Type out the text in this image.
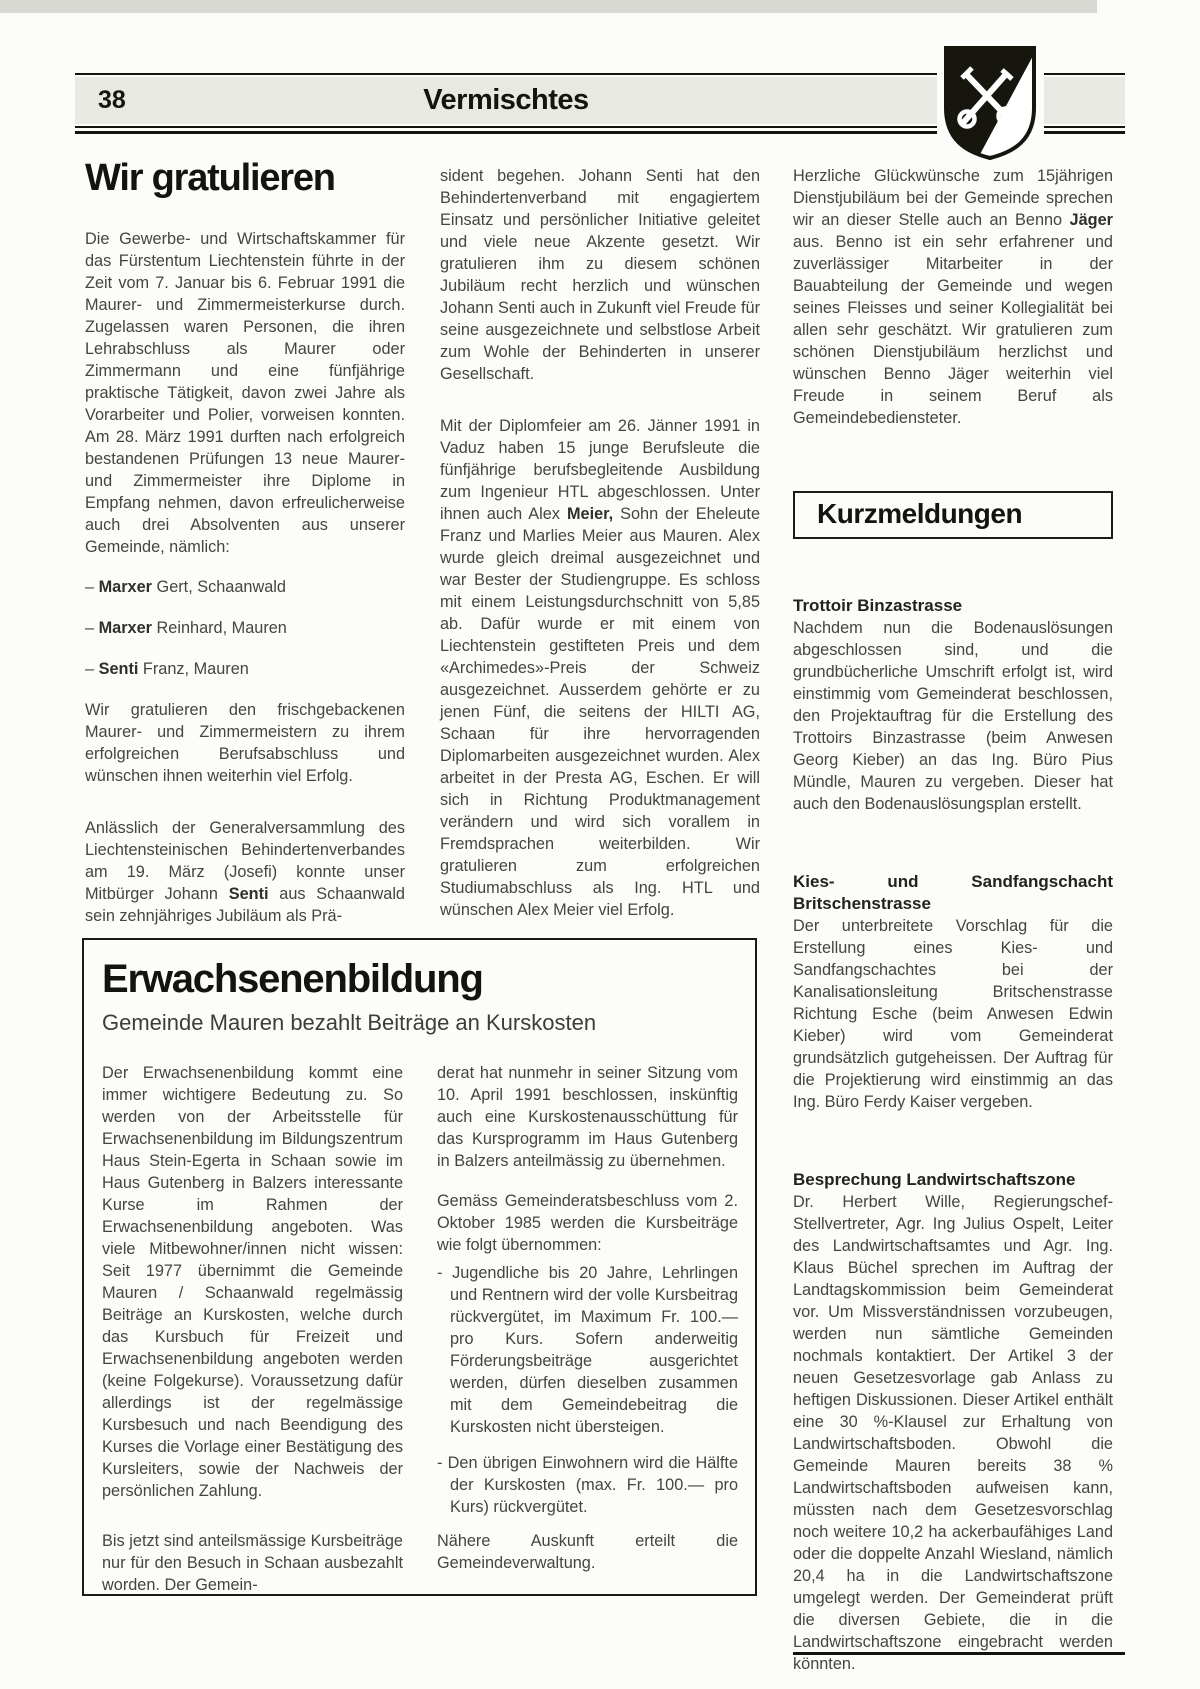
38	Vermischtes
Wir gratulieren

Die Gewerbe- und Wirtschaftskammer für das Fürstentum Liechtenstein führte in der Zeit vom 7. Januar bis 6. Februar 1991 die Maurer- und Zimmermeisterkurse durch. Zugelassen waren Personen, die ihren Lehrabschluss als Maurer oder Zimmermann und eine fünfjährige praktische Tätigkeit, davon zwei Jahre als Vorarbeiter und Polier, vorweisen konnten. Am 28. März 1991 durften nach erfolgreich bestandenen Prüfungen 13 neue Maurer- und Zimmermeister ihre Diplome in Empfang nehmen, davon erfreulicherweise auch drei Absolventen aus unserer Gemeinde, nämlich:

– Marxer Gert, Schaanwald
– Marxer Reinhard, Mauren
– Senti Franz, Mauren

Wir gratulieren den frischgebackenen Maurer- und Zimmermeistern zu ihrem erfolgreichen Berufsabschluss und wünschen ihnen weiterhin viel Erfolg.

Anlässlich der Generalversammlung des Liechtensteinischen Behindertenverbandes am 19. März (Josefi) konnte unser Mitbürger Johann Senti aus Schaanwald sein zehnjähriges Jubiläum als Prä-

sident begehen. Johann Senti hat den Behindertenverband mit engagiertem Einsatz und persönlicher Initiative geleitet und viele neue Akzente gesetzt. Wir gratulieren ihm zu diesem schönen Jubiläum recht herzlich und wünschen Johann Senti auch in Zukunft viel Freude für seine ausgezeichnete und selbstlose Arbeit zum Wohle der Behinderten in unserer Gesellschaft.

Mit der Diplomfeier am 26. Jänner 1991 in Vaduz haben 15 junge Berufsleute die fünfjährige berufsbegleitende Ausbildung zum Ingenieur HTL abgeschlossen. Unter ihnen auch Alex Meier, Sohn der Eheleute Franz und Marlies Meier aus Mauren. Alex wurde gleich dreimal ausgezeichnet und war Bester der Studiengruppe. Es schloss mit einem Leistungsdurchschnitt von 5,85 ab. Dafür wurde er mit einem von Liechtenstein gestifteten Preis und dem «Archimedes»-Preis der Schweiz ausgezeichnet. Ausserdem gehörte er zu jenen Fünf, die seitens der HILTI AG, Schaan für ihre hervorragenden Diplomarbeiten ausgezeichnet wurden. Alex arbeitet in der Presta AG, Eschen. Er will sich in Richtung Produktmanagement verändern und wird sich vorallem in Fremdsprachen weiterbilden. Wir gratulieren zum erfolgreichen Studiumabschluss als Ing. HTL und wünschen Alex Meier viel Erfolg.

Herzliche Glückwünsche zum 15jährigen Dienstjubiläum bei der Gemeinde sprechen wir an dieser Stelle auch an Benno Jäger aus. Benno ist ein sehr erfahrener und zuverlässiger Mitarbeiter in der Bauabteilung der Gemeinde und wegen seines Fleisses und seiner Kollegialität bei allen sehr geschätzt. Wir gratulieren zum schönen Dienstjubiläum herzlichst und wünschen Benno Jäger weiterhin viel Freude in seinem Beruf als Gemeindebediensteter.

Kurzmeldungen

Trottoir Binzastrasse

Nachdem nun die Bodenauslösungen abgeschlossen sind, und die grundbücherliche Umschrift erfolgt ist, wird einstimmig vom Gemeinderat beschlossen, den Projektauftrag für die Erstellung des Trottoirs Binzastrasse (beim Anwesen Georg Kieber) an das Ing. Büro Pius Mündle, Mauren zu vergeben. Dieser hat auch den Bodenauslösungsplan erstellt.

Kies- und Sandfangschacht Britschenstrasse

Der unterbreitete Vorschlag für die Erstellung eines Kies- und Sandfangschachtes bei der Kanalisationsleitung Britschenstrasse Richtung Esche (beim Anwesen Edwin Kieber) wird vom Gemeinderat grundsätzlich gutgeheissen. Der Auftrag für die Projektierung wird einstimmig an das Ing. Büro Ferdy Kaiser vergeben.

Besprechung Landwirtschaftszone

Dr. Herbert Wille, Regierungschef-Stellvertreter, Agr. Ing Julius Ospelt, Leiter des Landwirtschaftsamtes und Agr. Ing. Klaus Büchel sprechen im Auftrag der Landtagskommission beim Gemeinderat vor. Um Missverständnissen vorzubeugen, werden nun sämtliche Gemeinden nochmals kontaktiert. Der Artikel 3 der neuen Gesetzesvorlage gab Anlass zu heftigen Diskussionen. Dieser Artikel enthält eine 30 %-Klausel zur Erhaltung von Landwirtschaftsboden. Obwohl die Gemeinde Mauren bereits 38 % Landwirtschaftsboden aufweisen kann, müssten nach dem Gesetzesvorschlag noch weitere 10,2 ha ackerbaufähiges Land oder die doppelte Anzahl Wiesland, nämlich 20,4 ha in die Landwirtschaftszone umgelegt werden. Der Gemeinderat prüft die diversen Gebiete, die in die Landwirtschaftszone eingebracht werden könnten.

Erwachsenenbildung

Gemeinde Mauren bezahlt Beiträge an Kurskosten

Der Erwachsenenbildung kommt eine immer wichtigere Bedeutung zu. So werden von der Arbeitsstelle für Erwachsenenbildung im Bildungszentrum Haus Stein-Egerta in Schaan sowie im Haus Gutenberg in Balzers interessante Kurse im Rahmen der Erwachsenenbildung angeboten. Was viele Mitbewohner/innen nicht wissen: Seit 1977 übernimmt die Gemeinde Mauren / Schaanwald regelmässig Beiträge an Kurskosten, welche durch das Kursbuch für Freizeit und Erwachsenenbildung angeboten werden (keine Folgekurse). Voraussetzung dafür allerdings ist der regelmässige Kursbesuch und nach Beendigung des Kurses die Vorlage einer Bestätigung des Kursleiters, sowie der Nachweis der persönlichen Zahlung.

Bis jetzt sind anteilsmässige Kursbeiträge nur für den Besuch in Schaan ausbezahlt worden. Der Gemein-

derat hat nunmehr in seiner Sitzung vom 10. April 1991 beschlossen, inskünftig auch eine Kurskostenausschüttung für das Kursprogramm im Haus Gutenberg in Balzers anteilmässig zu übernehmen.

Gemäss Gemeinderatsbeschluss vom 2. Oktober 1985 werden die Kursbeiträge wie folgt übernommen:

- Jugendliche bis 20 Jahre, Lehrlingen und Rentnern wird der volle Kursbeitrag rückvergütet, im Maximum Fr. 100.— pro Kurs. Sofern anderweitig Förderungsbeiträge ausgerichtet werden, dürfen dieselben zusammen mit dem Gemeindebeitrag die Kurskosten nicht übersteigen.

- Den übrigen Einwohnern wird die Hälfte der Kurskosten (max. Fr. 100.— pro Kurs) rückvergütet.

Nähere Auskunft erteilt die Gemeindeverwaltung.
